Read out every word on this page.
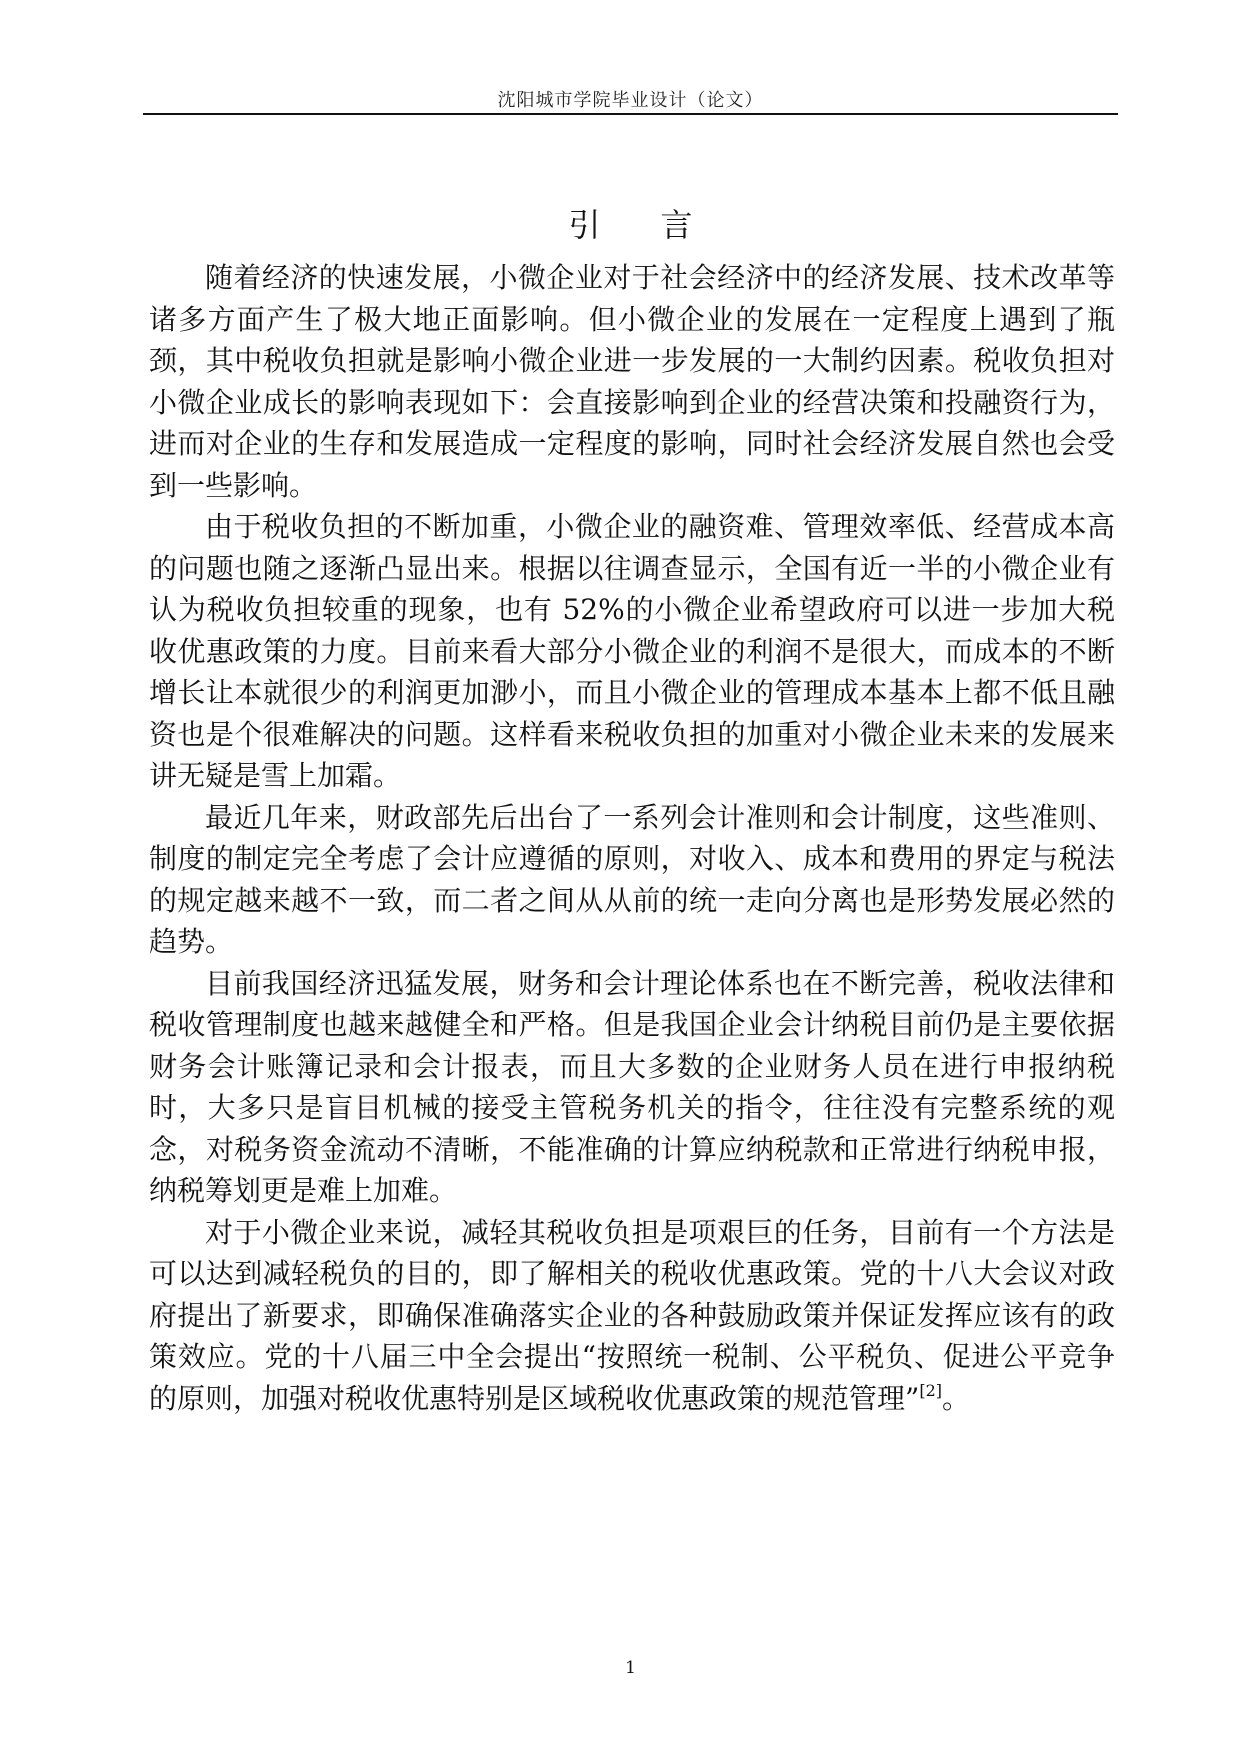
沈阳城市学院毕业设计（论文）
引言

随着经济的快速发展，小微企业对于社会经济中的经济发展、技术改革等诸多方面产生了极大地正面影响。但小微企业的发展在一定程度上遇到了瓶颈，其中税收负担就是影响小微企业进一步发展的一大制约因素。税收负担对小微企业成长的影响表现如下：会直接影响到企业的经营决策和投融资行为，进而对企业的生存和发展造成一定程度的影响，同时社会经济发展自然也会受到一些影响。

由于税收负担的不断加重，小微企业的融资难、管理效率低、经营成本高的问题也随之逐渐凸显出来。根据以往调查显示，全国有近一半的小微企业有认为税收负担较重的现象，也有 52%的小微企业希望政府可以进一步加大税收优惠政策的力度。目前来看大部分小微企业的利润不是很大，而成本的不断增长让本就很少的利润更加渺小，而且小微企业的管理成本基本上都不低且融资也是个很难解决的问题。这样看来税收负担的加重对小微企业未来的发展来讲无疑是雪上加霜。

最近几年来，财政部先后出台了一系列会计准则和会计制度，这些准则、制度的制定完全考虑了会计应遵循的原则，对收入、成本和费用的界定与税法的规定越来越不一致，而二者之间从从前的统一走向分离也是形势发展必然的趋势。

目前我国经济迅猛发展，财务和会计理论体系也在不断完善，税收法律和税收管理制度也越来越健全和严格。但是我国企业会计纳税目前仍是主要依据财务会计账簿记录和会计报表，而且大多数的企业财务人员在进行申报纳税时，大多只是盲目机械的接受主管税务机关的指令，往往没有完整系统的观念，对税务资金流动不清晰，不能准确的计算应纳税款和正常进行纳税申报，纳税筹划更是难上加难。

对于小微企业来说，减轻其税收负担是项艰巨的任务，目前有一个方法是可以达到减轻税负的目的，即了解相关的税收优惠政策。党的十八大会议对政府提出了新要求，即确保准确落实企业的各种鼓励政策并保证发挥应该有的政策效应。党的十八届三中全会提出“按照统一税制、公平税负、促进公平竞争的原则，加强对税收优惠特别是区域税收优惠政策的规范管理”[2]。

1
